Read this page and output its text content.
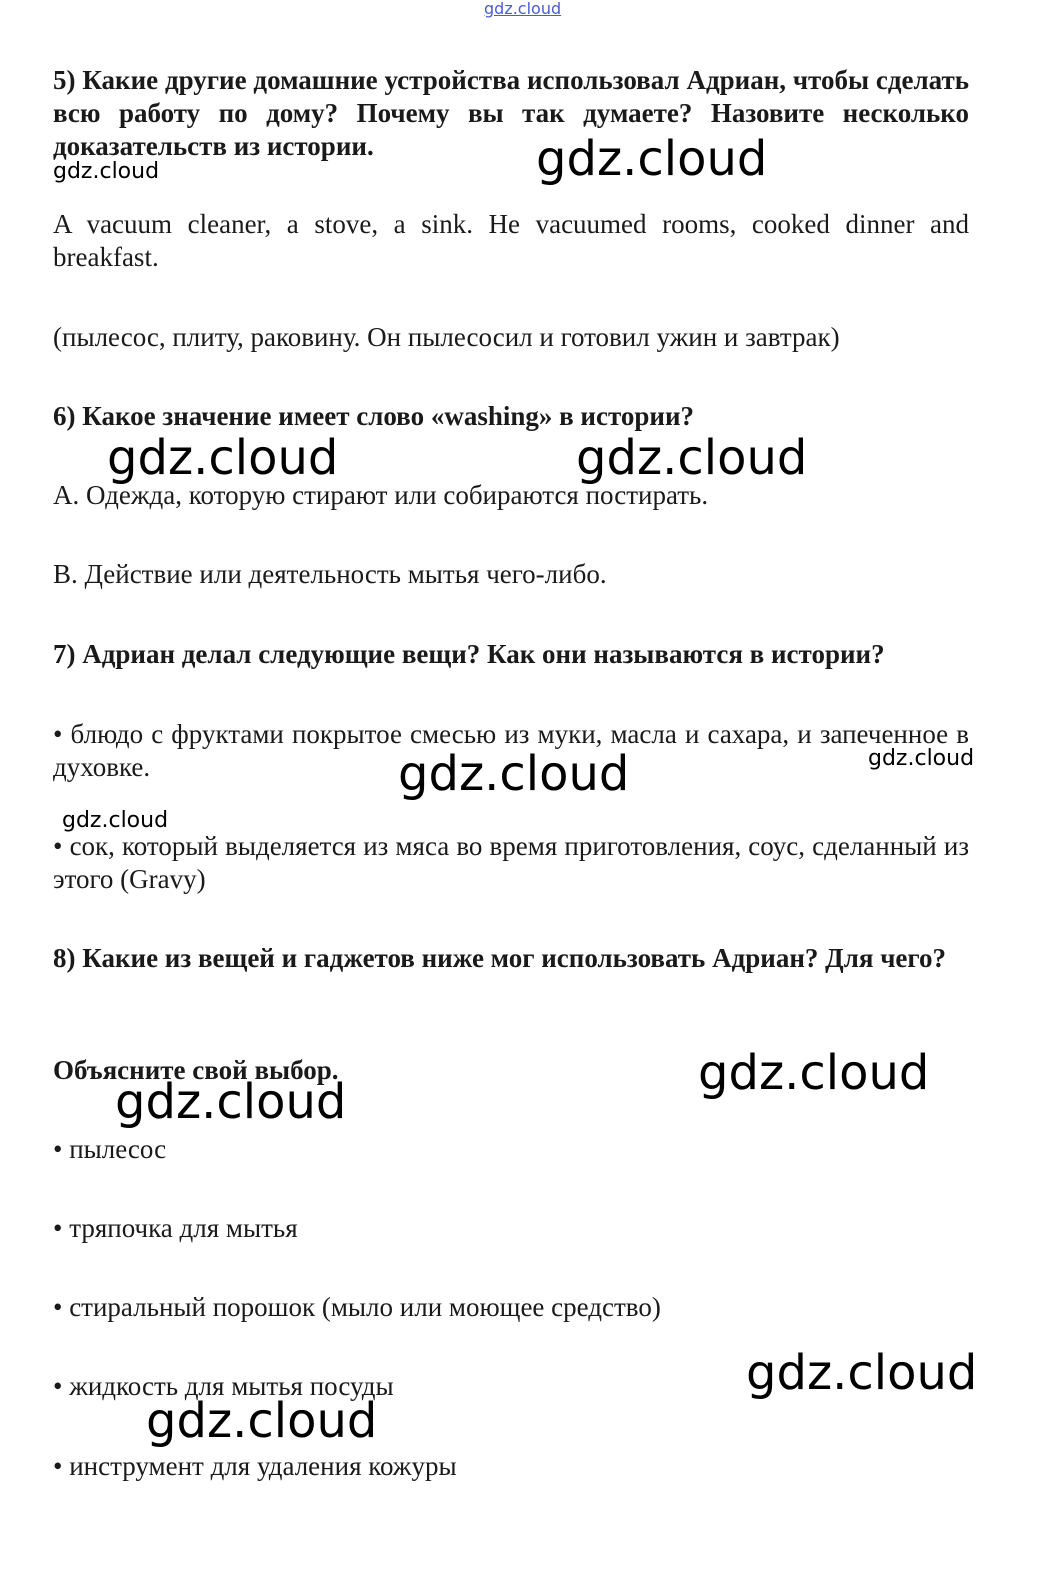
gdz.cloud

5) Какие другие домашние устройства использовал Адриан, чтобы сделать всю работу по дому? Почему вы так думаете? Назовите несколько доказательств из истории.

A vacuum cleaner, a stove, a sink. He vacuumed rooms, cooked dinner and breakfast.

(пылесос, плиту, раковину. Он пылесосил и готовил ужин и завтрак)

6) Какое значение имеет слово «washing» в истории?

А. Одежда, которую стирают или собираются постирать.

В. Действие или деятельность мытья чего-либо.

7) Адриан делал следующие вещи? Как они называются в истории?

• блюдо с фруктами покрытое смесью из муки, масла и сахара, и запеченное в духовке.

• сок, который выделяется из мяса во время приготовления, соус, сделанный из этого (Gravy)

8) Какие из вещей и гаджетов ниже мог использовать Адриан? Для чего?

Объясните свой выбор.

• пылесос

• тряпочка для мытья

• стиральный порошок (мыло или моющее средство)

• жидкость для мытья посуды

• инструмент для удаления кожуры

gdz.cloud	gdz.cloud
gdz.cloud	gdz.cloud
gdz.cloud	gdz.cloud
gdz.cloud
gdz.cloud
gdz.cloud
gdz.cloud
gdz.cloud
